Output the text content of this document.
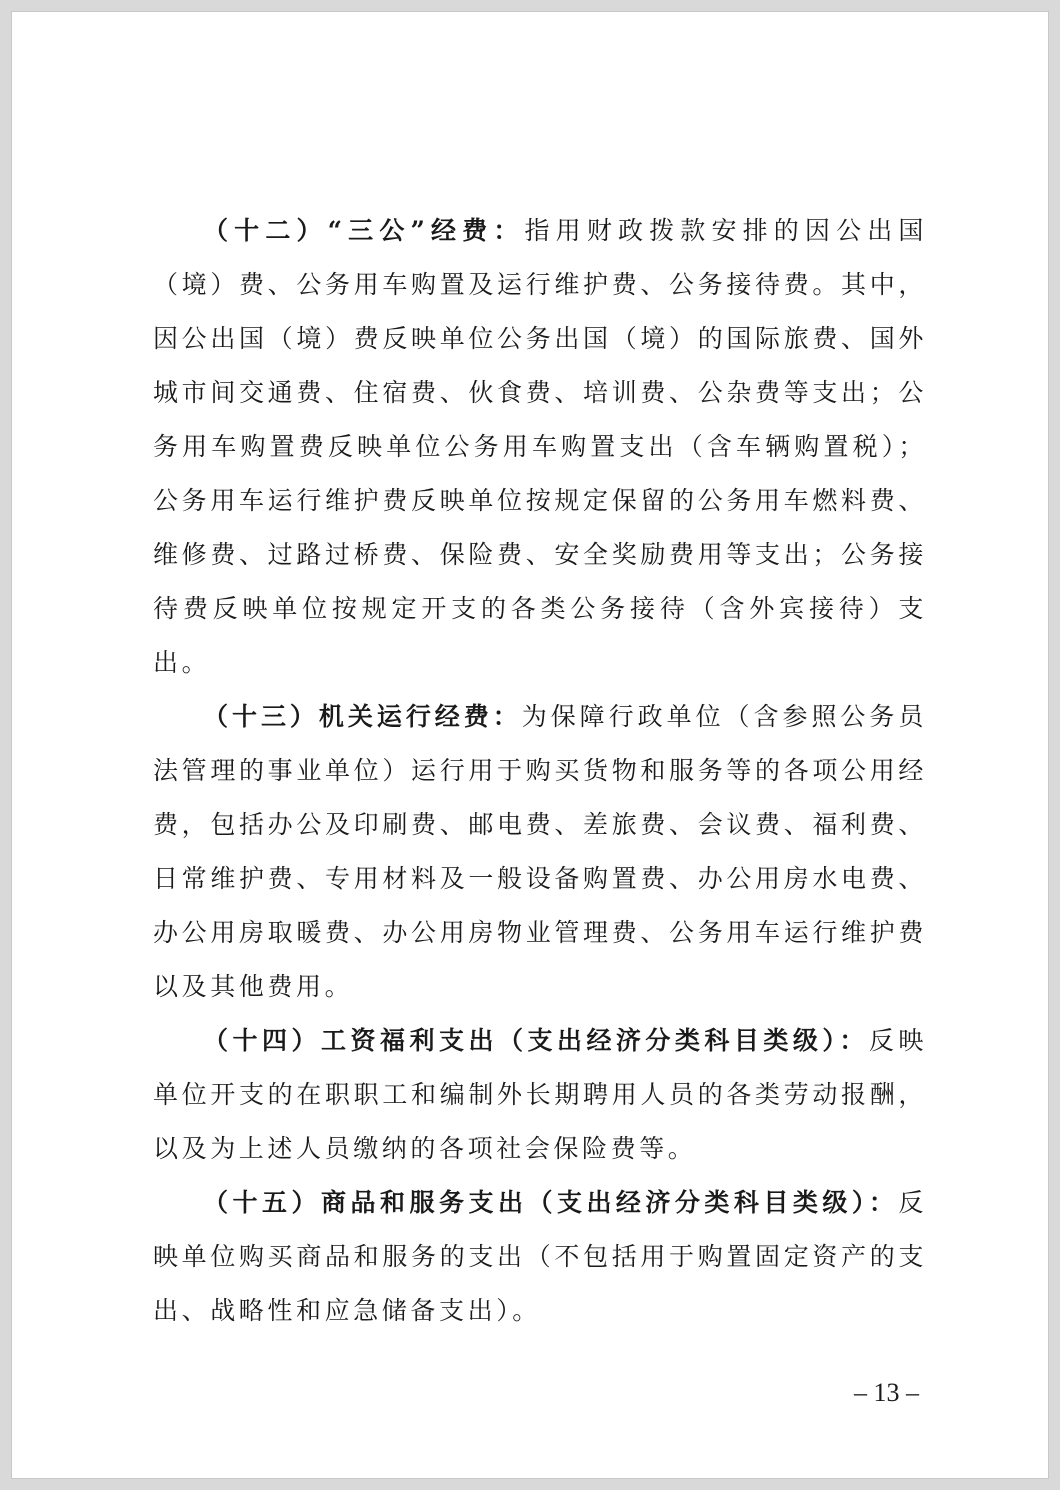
（十二）“三公”经费：指用财政拨款安排的因公出国（境）费、公务用车购置及运行维护费、公务接待费。其中，因公出国（境）费反映单位公务出国（境）的国际旅费、国外城市间交通费、住宿费、伙食费、培训费、公杂费等支出；公务用车购置费反映单位公务用车购置支出（含车辆购置税）；公务用车运行维护费反映单位按规定保留的公务用车燃料费、维修费、过路过桥费、保险费、安全奖励费用等支出；公务接待费反映单位按规定开支的各类公务接待（含外宾接待）支出。

（十三）机关运行经费：为保障行政单位（含参照公务员法管理的事业单位）运行用于购买货物和服务等的各项公用经费，包括办公及印刷费、邮电费、差旅费、会议费、福利费、日常维护费、专用材料及一般设备购置费、办公用房水电费、办公用房取暖费、办公用房物业管理费、公务用车运行维护费以及其他费用。

（十四）工资福利支出（支出经济分类科目类级）：反映单位开支的在职职工和编制外长期聘用人员的各类劳动报酬，以及为上述人员缴纳的各项社会保险费等。

（十五）商品和服务支出（支出经济分类科目类级）：反映单位购买商品和服务的支出（不包括用于购置固定资产的支出、战略性和应急储备支出）。

– 13 –
